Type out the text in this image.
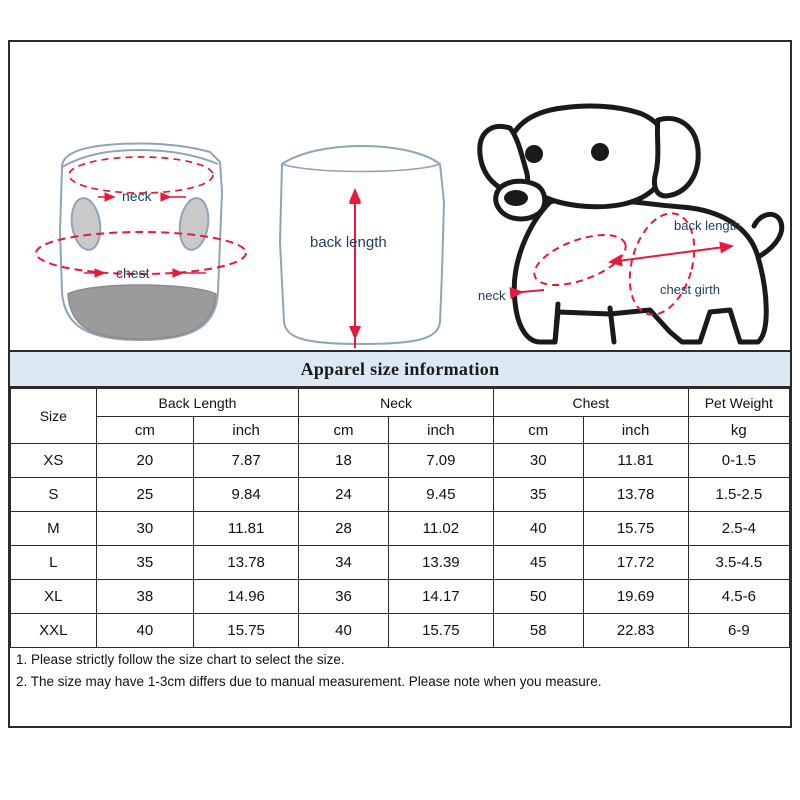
neck
chest
back length
chest girth
back length
neck
Apparel size information
Size	Back Length		Neck		Chest		Pet Weight
	cm	inch	cm	inch	cm	inch	kg
XS	20	7.87	18	7.09	30	11.81	0-1.5
S	25	9.84	24	9.45	35	13.78	1.5-2.5
M	30	11.81	28	11.02	40	15.75	2.5-4
L	35	13.78	34	13.39	45	17.72	3.5-4.5
XL	38	14.96	36	14.17	50	19.69	4.5-6
XXL	40	15.75	40	15.75	58	22.83	6-9

1. Please strictly follow the size chart to select the size.

2. The size may have 1-3cm differs due to manual measurement. Please note when you measure.
